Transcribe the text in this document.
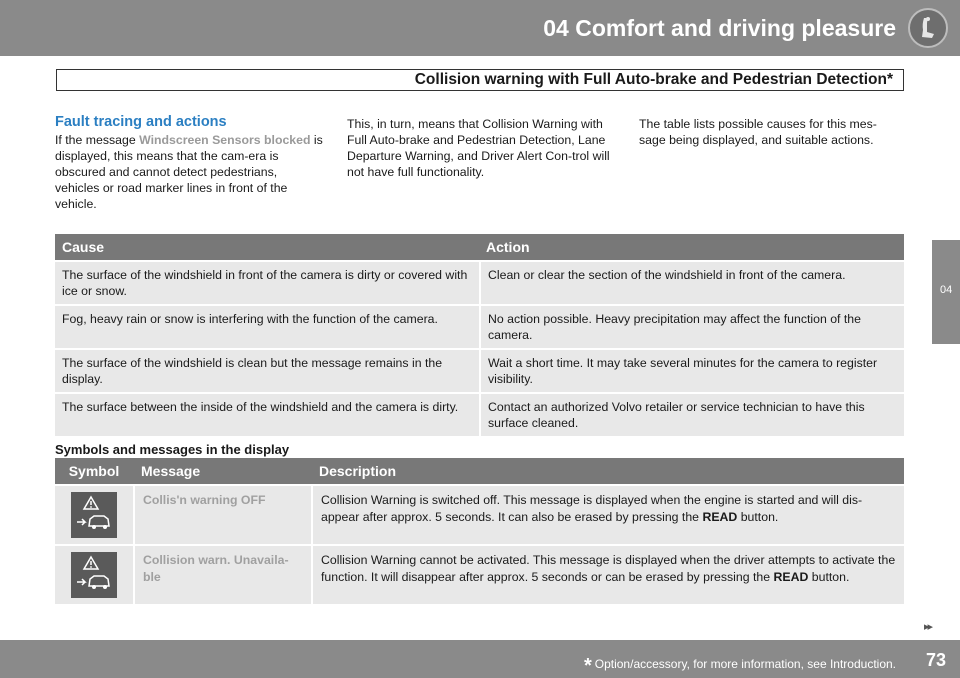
04 Comfort and driving pleasure
Collision warning with Full Auto-brake and Pedestrian Detection*
04
Fault tracing and actions
If the message Windscreen Sensors blocked is displayed, this means that the cam-era is obscured and cannot detect pedestrians, vehicles or road marker lines in front of the vehicle.
This, in turn, means that Collision Warning with Full Auto-brake and Pedestrian Detection, Lane Departure Warning, and Driver Alert Con-trol will not have full functionality.
The table lists possible causes for this mes-sage being displayed, and suitable actions.
Cause	Action
The surface of the windshield in front of the camera is dirty or covered with ice or snow.	Clean or clear the section of the windshield in front of the camera.
Fog, heavy rain or snow is interfering with the function of the camera.	No action possible. Heavy precipitation may affect the function of the camera.
The surface of the windshield is clean but the message remains in the display.	Wait a short time. It may take several minutes for the camera to register visibility.
The surface between the inside of the windshield and the camera is dirty.	Contact an authorized Volvo retailer or service technician to have this surface cleaned.
Symbols and messages in the display
Symbol	Message	Description

	Collis'n warning OFF	Collision Warning is switched off. This message is displayed when the engine is started and will dis-appear after approx. 5 seconds. It can also be erased by pressing the READ button.

	Collision warn. Unavaila-ble	Collision Warning cannot be activated. This message is displayed when the driver attempts to activate the function. It will disappear after approx. 5 seconds or can be erased by pressing the READ button.
▸▸
* Option/accessory, for more information, see Introduction. 73
